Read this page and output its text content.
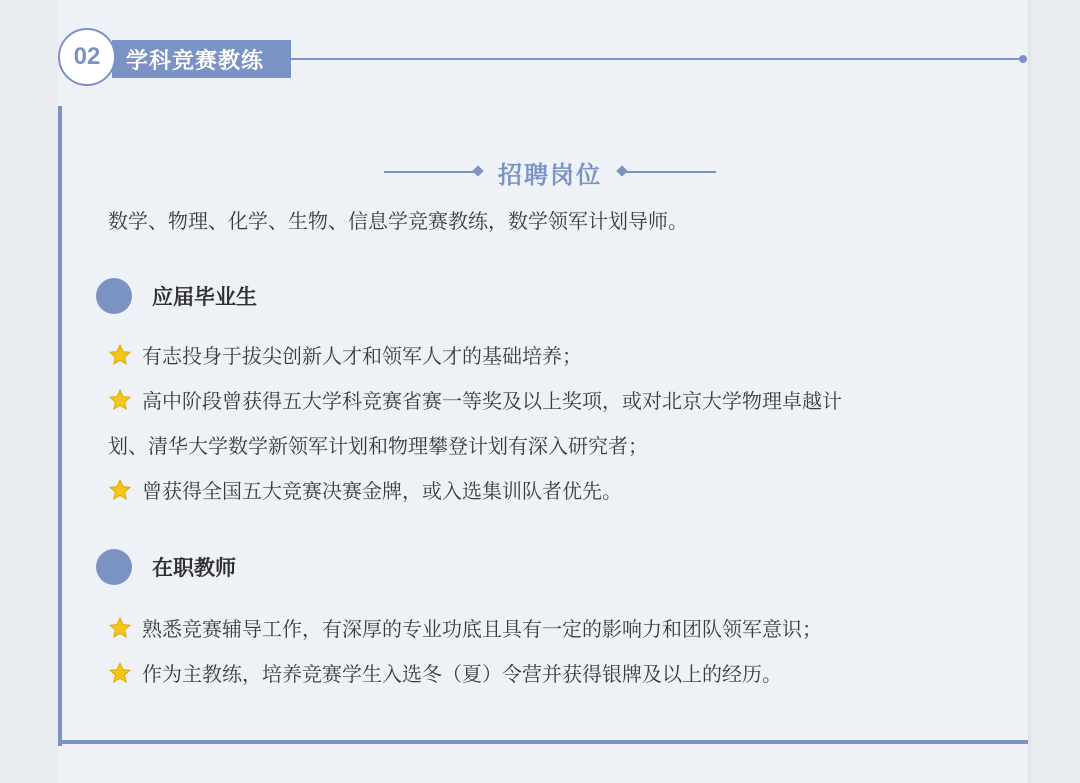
02	学科竞赛教练
招聘岗位
数学、物理、化学、生物、信息学竞赛教练，数学领军计划导师。
应届毕业生
有志投身于拔尖创新人才和领军人才的基础培养；
高中阶段曾获得五大学科竞赛省赛一等奖及以上奖项，或对北京大学物理卓越计
划、清华大学数学新领军计划和物理攀登计划有深入研究者；
曾获得全国五大竞赛决赛金牌，或入选集训队者优先。
在职教师
熟悉竞赛辅导工作，有深厚的专业功底且具有一定的影响力和团队领军意识；
作为主教练，培养竞赛学生入选冬（夏）令营并获得银牌及以上的经历。
